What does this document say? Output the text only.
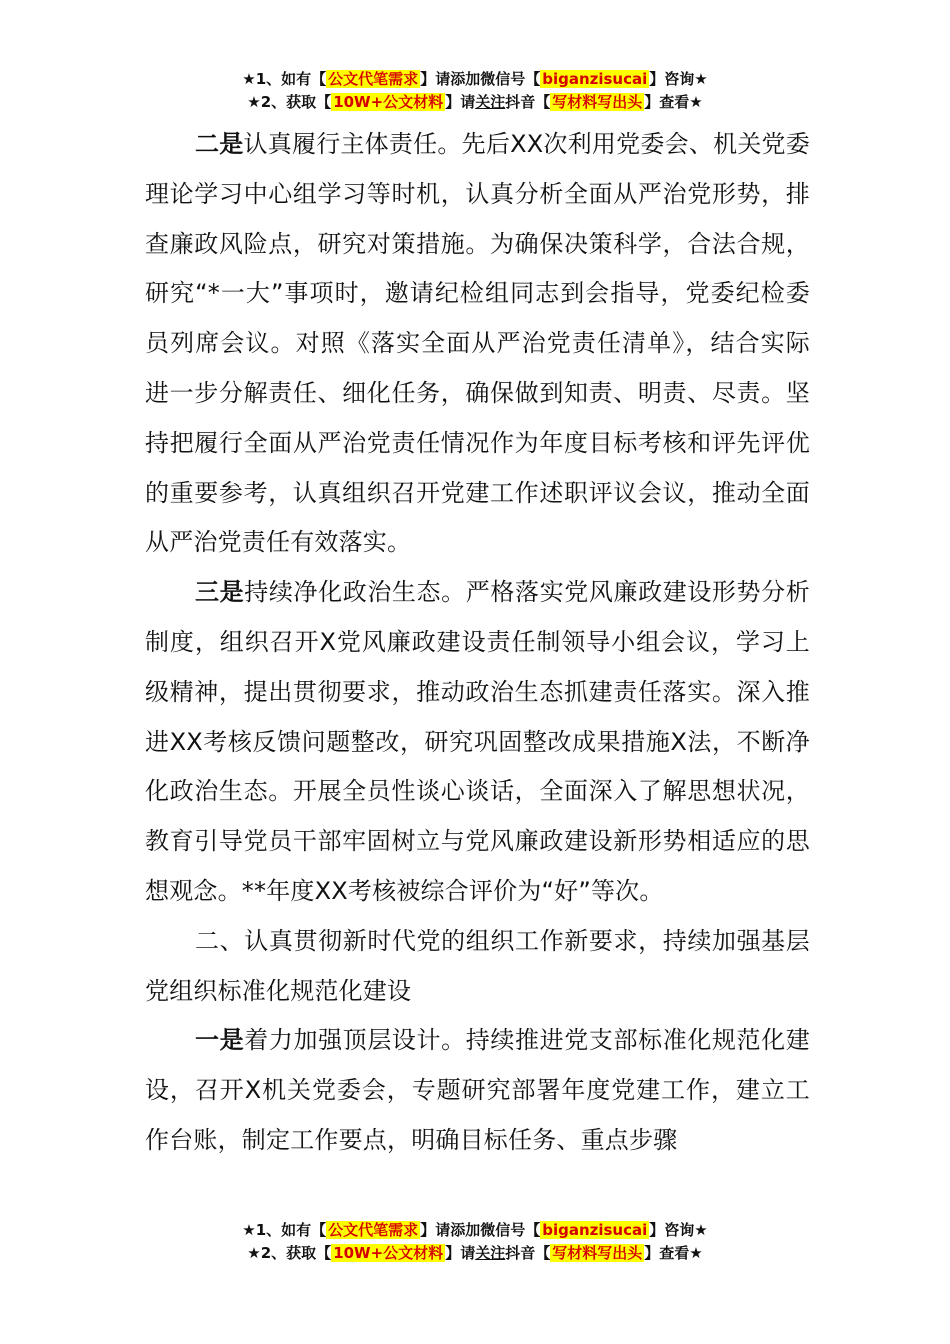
★1、如有【 公文代笔需求 】请添加微信号【 biganzisucai 】咨询★
★2、获取【 10W+公文材料 】请关注抖音【 写材料写出头 】查看★

二是认真履行主体责任。先后XX次利用党委会、机关党委理论学习中心组学习等时机，认真分析全面从严治党形势，排查廉政风险点，研究对策措施。为确保决策科学，合法合规，研究“*一大”事项时，邀请纪检组同志到会指导，党委纪检委员列席会议。对照《落实全面从严治党责任清单》，结合实际进一步分解责任、细化任务，确保做到知责、明责、尽责。坚持把履行全面从严治党责任情况作为年度目标考核和评先评优的重要参考，认真组织召开党建工作述职评议会议，推动全面从严治党责任有效落实。

三是持续净化政治生态。严格落实党风廉政建设形势分析制度，组织召开X党风廉政建设责任制领导小组会议，学习上级精神，提出贯彻要求，推动政治生态抓建责任落实。深入推进XX考核反馈问题整改，研究巩固整改成果措施X法，不断净化政治生态。开展全员性谈心谈话，全面深入了解思想状况，教育引导党员干部牢固树立与党风廉政建设新形势相适应的思想观念。**年度XX考核被综合评价为“好”等次。

二、认真贯彻新时代党的组织工作新要求，持续加强基层党组织标准化规范化建设

一是着力加强顶层设计。持续推进党支部标准化规范化建设，召开X机关党委会，专题研究部署年度党建工作，建立工作台账，制定工作要点，明确目标任务、重点步骤

★1、如有【 公文代笔需求 】请添加微信号【 biganzisucai 】咨询★
★2、获取【 10W+公文材料 】请关注抖音【 写材料写出头 】查看★
